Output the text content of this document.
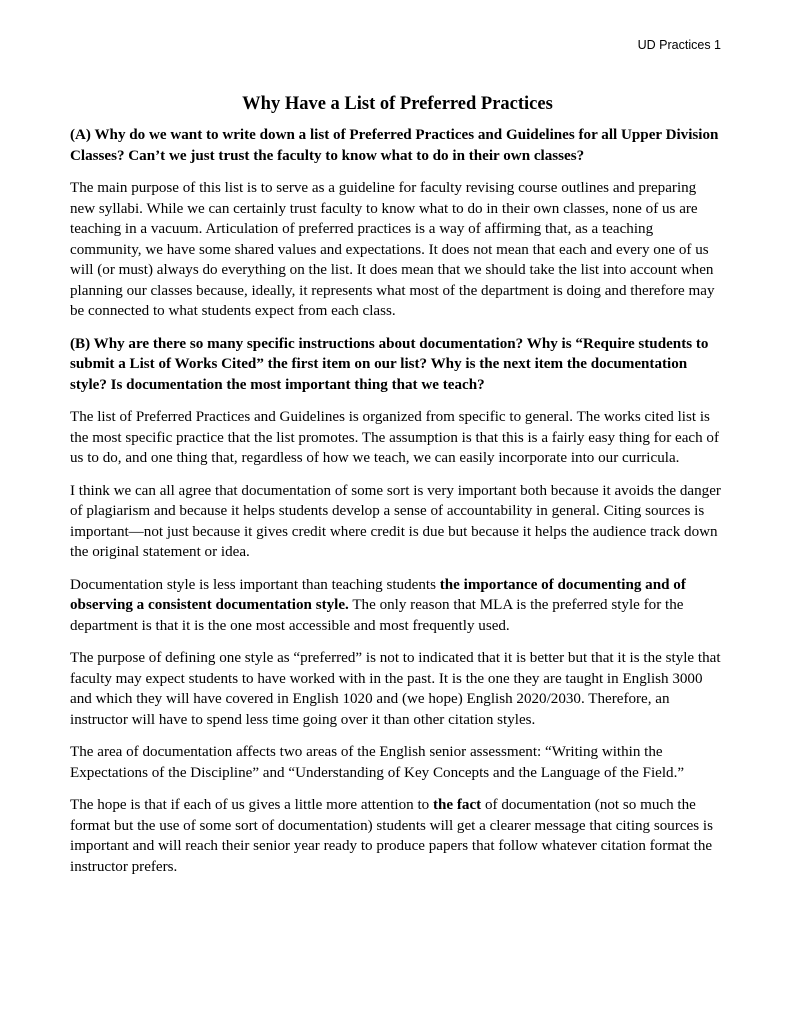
UD Practices 1
Why Have a List of Preferred Practices

(A) Why do we want to write down a list of Preferred Practices and Guidelines for all Upper Division Classes? Can’t we just trust the faculty to know what to do in their own classes?

The main purpose of this list is to serve as a guideline for faculty revising course outlines and preparing new syllabi. While we can certainly trust faculty to know what to do in their own classes, none of us are teaching in a vacuum. Articulation of preferred practices is a way of affirming that, as a teaching community, we have some shared values and expectations. It does not mean that each and every one of us will (or must) always do everything on the list. It does mean that we should take the list into account when planning our classes because, ideally, it represents what most of the department is doing and therefore may be connected to what students expect from each class.

(B) Why are there so many specific instructions about documentation? Why is “Require students to submit a List of Works Cited” the first item on our list? Why is the next item the documentation style? Is documentation the most important thing that we teach?

The list of Preferred Practices and Guidelines is organized from specific to general. The works cited list is the most specific practice that the list promotes. The assumption is that this is a fairly easy thing for each of us to do, and one thing that, regardless of how we teach, we can easily incorporate into our curricula.

I think we can all agree that documentation of some sort is very important both because it avoids the danger of plagiarism and because it helps students develop a sense of accountability in general. Citing sources is important—not just because it gives credit where credit is due but because it helps the audience track down the original statement or idea.

Documentation style is less important than teaching students the importance of documenting and of observing a consistent documentation style. The only reason that MLA is the preferred style for the department is that it is the one most accessible and most frequently used.

The purpose of defining one style as “preferred” is not to indicated that it is better but that it is the style that faculty may expect students to have worked with in the past. It is the one they are taught in English 3000 and which they will have covered in English 1020 and (we hope) English 2020/2030. Therefore, an instructor will have to spend less time going over it than other citation styles.

The area of documentation affects two areas of the English senior assessment: “Writing within the Expectations of the Discipline” and “Understanding of Key Concepts and the Language of the Field.”

The hope is that if each of us gives a little more attention to the fact of documentation (not so much the format but the use of some sort of documentation) students will get a clearer message that citing sources is important and will reach their senior year ready to produce papers that follow whatever citation format the instructor prefers.
